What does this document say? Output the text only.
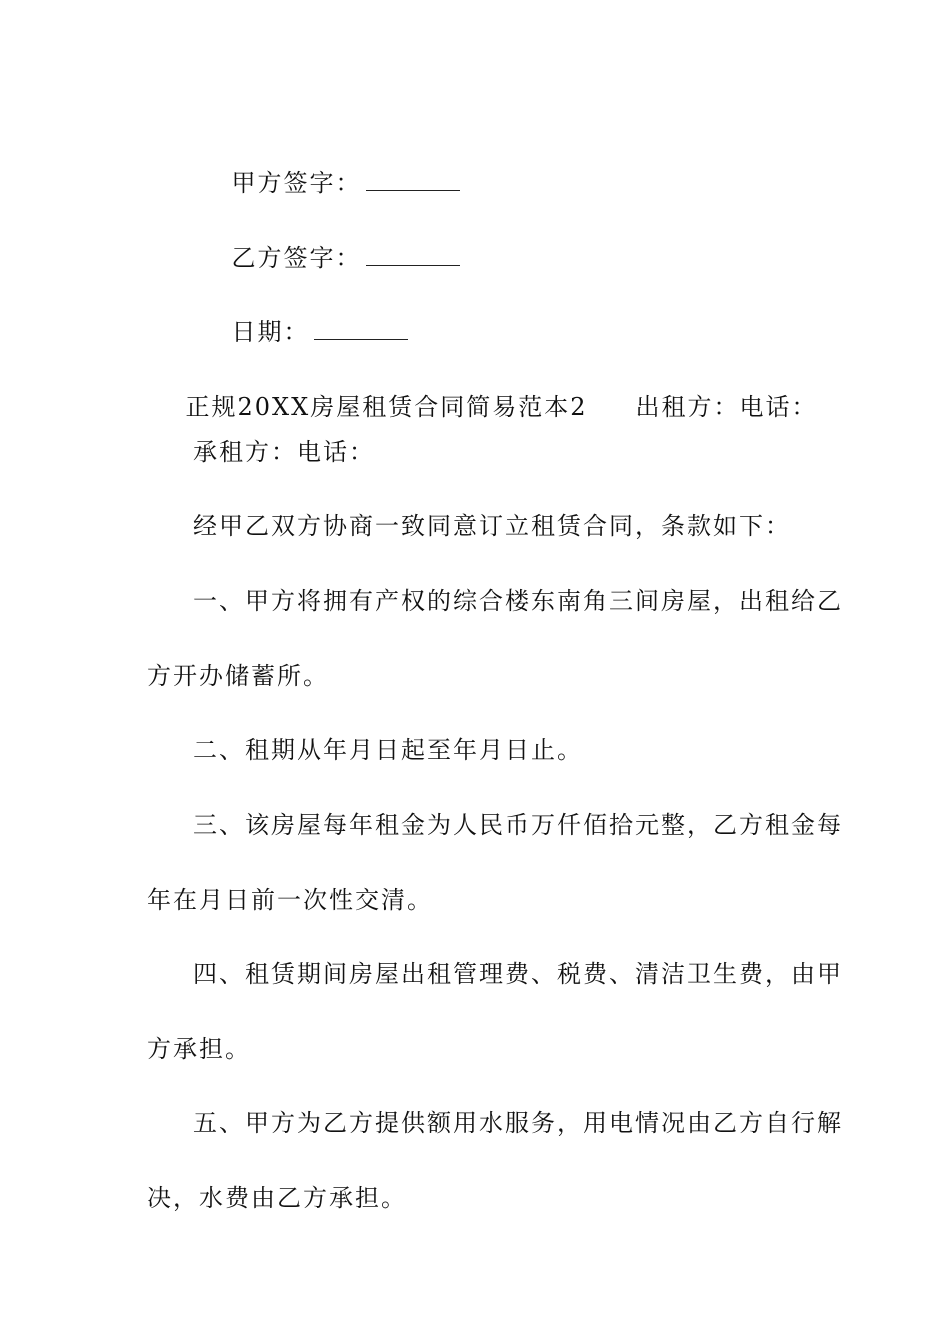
甲方签字：

乙方签字：

日期：

正规20XX房屋租赁合同简易范本2 出租方：电话：

承租方：电话：
经甲乙双方协商一致同意订立租赁合同，条款如下：
一、甲方将拥有产权的综合楼东南角三间房屋，出租给乙
方开办储蓄所。
二、租期从年月日起至年月日止。
三、该房屋每年租金为人民币万仟佰拾元整，乙方租金每
年在月日前一次性交清。
四、租赁期间房屋出租管理费、税费、清洁卫生费，由甲
方承担。
五、甲方为乙方提供额用水服务，用电情况由乙方自行解
决，水费由乙方承担。
